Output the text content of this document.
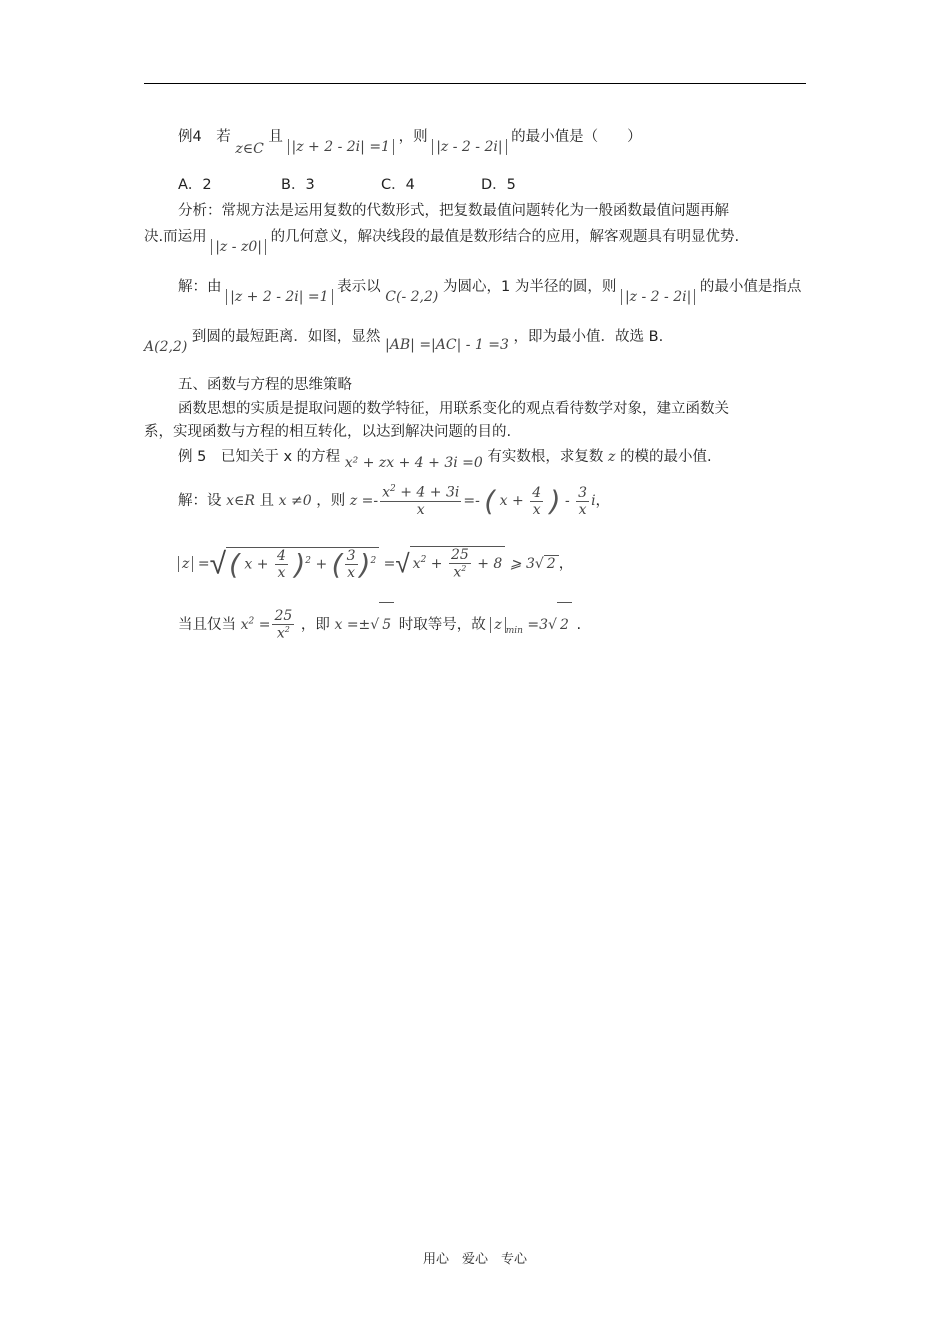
例4　若 z∈C 且 |z + 2 - 2i| =1 ，则 |z - 2 - 2i| 的最小值是（　　）
A．2	B．3	C．4	D．5
分析：常规方法是运用复数的代数形式，把复数最值问题转化为一般函数最值问题再解
决.而运用 |z - z0| 的几何意义，解决线段的最值是数形结合的应用，解客观题具有明显优势.
解：由 |z + 2 - 2i| =1 表示以 C(- 2,2) 为圆心，1 为半径的圆，则 |z - 2 - 2i| 的最小值是指点
A(2,2) 到圆的最短距离．如图，显然 |AB| =|AC| - 1 =3 ，即为最小值．故选 B.
五、函数与方程的思维策略
函数思想的实质是提取问题的数学特征，用联系变化的观点看待数学对象，建立函数关
系，实现函数与方程的相互转化，以达到解决问题的目的.
例 5　已知关于 x 的方程 x² + zx + 4 + 3i =0 有实数根，求复数 z 的模的最小值.
解：设 x∈R 且 x ≠0 ，则 $z =- \frac{x^2 + 4 + 3i}{x}$ =- ( $x + \frac{4}{x}$ ) - $\frac{3}{x}$ i，
z =√ ( $x + \frac{4}{x} )^2$ + ( $\frac{3}{x} )^2$ =√ $x^2 + \frac{25}{x^2} + 8$ ⩾ 3√ 2 ，
当且仅当 $x^2 = \frac{25}{x^2}$ ，即 x =±√ 5 时取等号，故 z $_{min}$ =3√ 2 .
用心　爱心　专心
